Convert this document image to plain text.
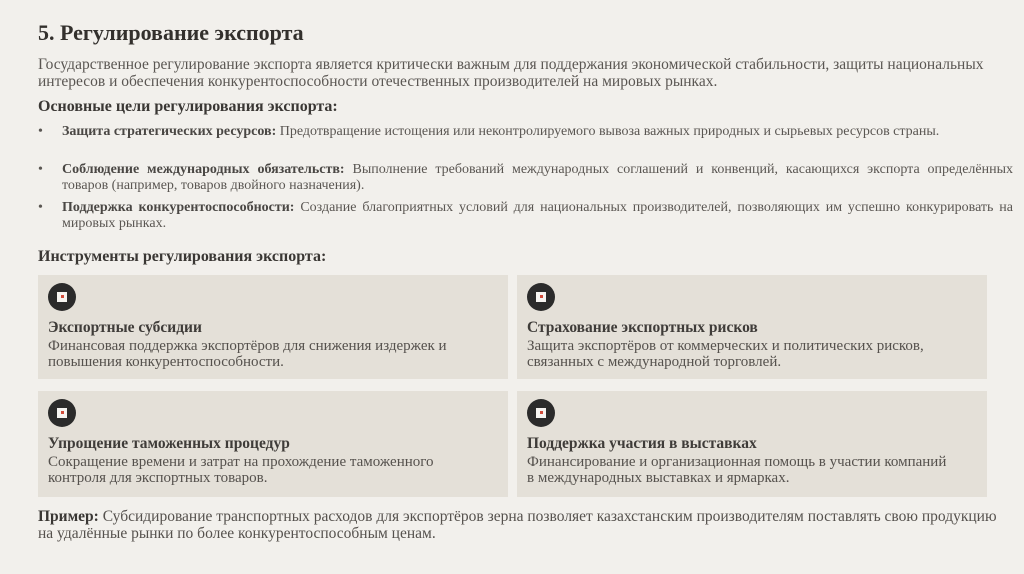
5. Регулирование экспорта
Государственное регулирование экспорта является критически важным для поддержания экономической стабильности, защиты национальных интересов и обеспечения конкурентоспособности отечественных производителей на мировых рынках.
Основные цели регулирования экспорта:
• Защита стратегических ресурсов: Предотвращение истощения или неконтролируемого вывоза важных природных и сырьевых ресурсов страны.
• Соблюдение международных обязательств: Выполнение требований международных соглашений и конвенций, касающихся экспорта определённых товаров (например, товаров двойного назначения).
• Поддержка конкурентоспособности: Создание благоприятных условий для национальных производителей, позволяющих им успешно конкурировать на мировых рынках.
Инструменты регулирования экспорта:
Экспортные субсидии
Финансовая поддержка экспортёров для снижения издержек и повышения конкурентоспособности.
Страхование экспортных рисков
Защита экспортёров от коммерческих и политических рисков, связанных с международной торговлей.
Упрощение таможенных процедур
Сокращение времени и затрат на прохождение таможенного контроля для экспортных товаров.
Поддержка участия в выставках
Финансирование и организационная помощь в участии компаний в международных выставках и ярмарках.
Пример: Субсидирование транспортных расходов для экспортёров зерна позволяет казахстанским производителям поставлять свою продукцию на удалённые рынки по более конкурентоспособным ценам.
